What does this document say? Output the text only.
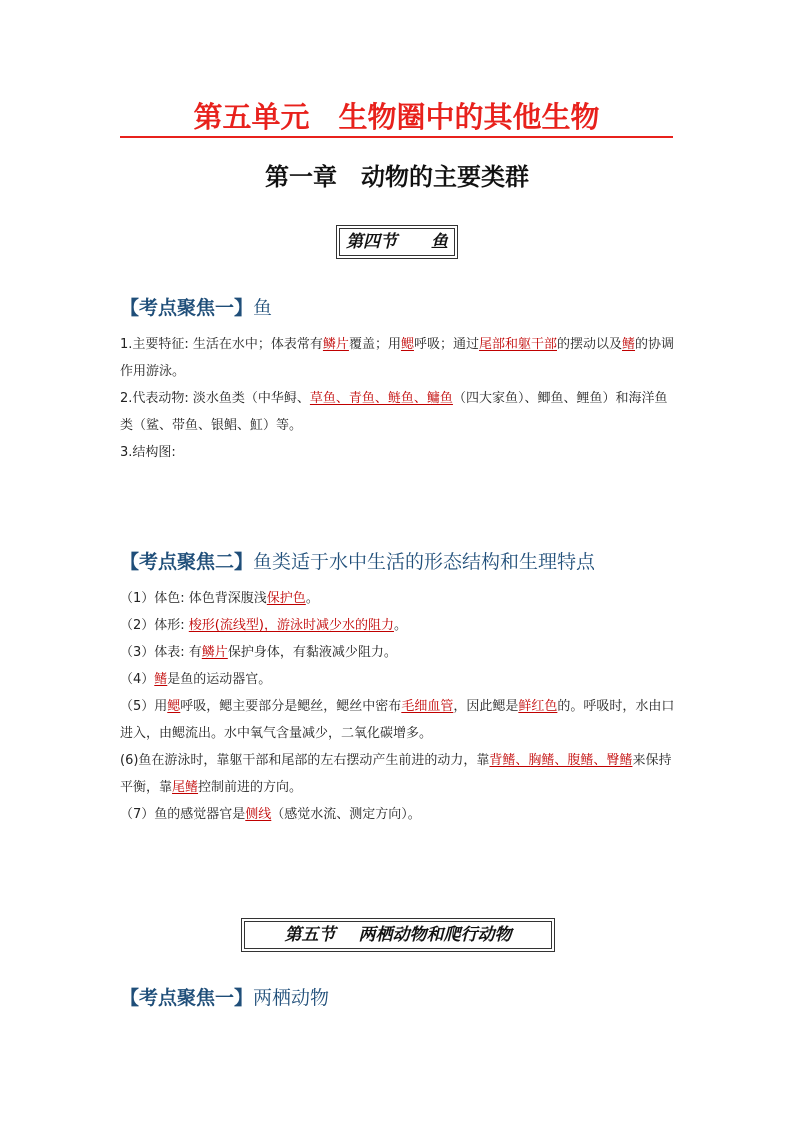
第五单元　生物圈中的其他生物
第一章　动物的主要类群
第四节　　鱼
【考点聚焦一】鱼

1.主要特征: 生活在水中；体表常有鳞片覆盖；用鳃呼吸；通过尾部和躯干部的摆动以及鳍的协调作用游泳。

2.代表动物: 淡水鱼类（中华鲟、草鱼、青鱼、鲢鱼、鳙鱼（四大家鱼）、鲫鱼、鲤鱼）和海洋鱼类（鲨、带鱼、银鲳、魟）等。

3.结构图:

【考点聚焦二】鱼类适于水中生活的形态结构和生理特点

（1）体色: 体色背深腹浅保护色。

（2）体形: 梭形(流线型)，游泳时减少水的阻力。

（3）体表: 有鳞片保护身体，有黏液减少阻力。

（4）鳍是鱼的运动器官。

（5）用鳃呼吸，鳃主要部分是鳃丝，鳃丝中密布毛细血管，因此鳃是鲜红色的。呼吸时，水由口进入，由鳃流出。水中氧气含量减少，二氧化碳增多。

(6)鱼在游泳时，靠躯干部和尾部的左右摆动产生前进的动力，靠背鳍、胸鳍、腹鳍、臀鳍来保持平衡，靠尾鳍控制前进的方向。

（7）鱼的感觉器官是侧线（感觉水流、测定方向）。

第五节　 两栖动物和爬行动物
【考点聚焦一】两栖动物
